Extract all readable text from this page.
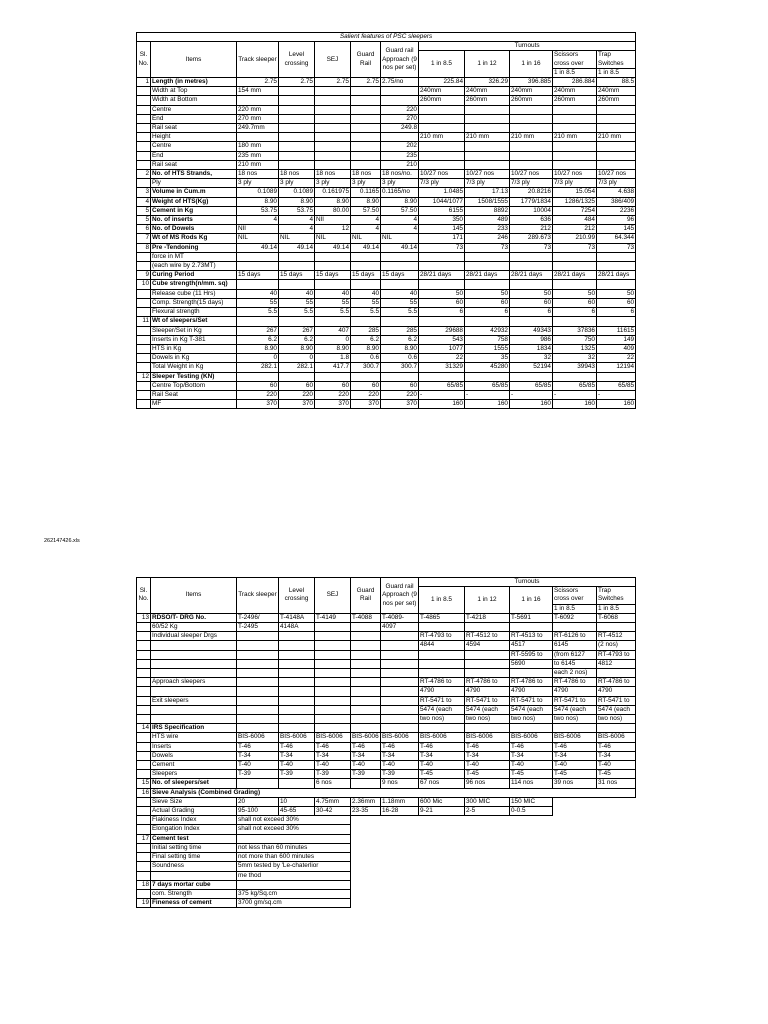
Salient features of PSC sleepers											
Sl. No.	Items	Track sleeper	Level crossing	SEJ	Guard Rail	Guard rail Approach (9 nos per set)	Turnouts				
							1 in 8.5	1 in 12	1 in 16	Scissors cross over	Trap Switches

										1 in 8.5	1 in 8.5
1	Length (in metres)	2.75	2.75	2.75	2.75	2.75/no	225.84	326.29	396.885	286.884	88.5
	Width at Top	154 mm					240mm	240mm	240mm	240mm	240mm
	Width at Bottom						260mm	260mm	260mm	260mm	260mm
	Centre	220 mm				220					
	End	270 mm				270					
	Rail seat	249.7mm				249.8					
	Height						210 mm	210 mm	210 mm	210 mm	210 mm
	Centre	180 mm				202					
	End	235 mm				235					
	Rail seat	210 mm				210					
2	No. of HTS Strands,	18 nos	18 nos	18 nos	18 nos	18 nos/no.	10/27 nos	10/27 nos	10/27 nos	10/27 nos	10/27 nos
	Ply	3 ply	3 ply	3 ply	3 ply	3 ply	7/3 ply	7/3 ply	7/3 ply	7/3 ply	7/3 ply
3	Volume in Cum.m	0.1089	0.1089	0.161975	0.1165	0.1165/no	1.0485	17.13	20.8216	15.054	4.638
4	Weight of HTS(Kg)	8.90	8.90	8.90	8.90	8.90	1044/1077	1508/1555	1779/1834	1286/1325	386/409
5	Cement in Kg	53.75	53.75	80.00	57.50	57.50	6155	8892	10004	7254	2236
5	No. of inserts	4	4	NIl	4	4	350	489	636	484	96
6	No. of Dowels	NIl	4	12	4	4	145	233	212	212	145
7	Wt of MS Rods Kg	NIL	NIL	NIL	NIL	NIL	171	246	289.673	210.99	64.344
8	Pre -Tendoning	49.14	49.14	49.14	49.14	49.14	73	73	73	73	73
	force in MT										
	(each wire by 2.73MT)										
9	Curing Period	15 days	15 days	15 days	15 days	15 days	28/21 days	28/21 days	28/21 days	28/21 days	28/21 days
10	Cube strength(n/mm. sq)										
	Release cube (11 Hrs)	40	40	40	40	40	50	50	50	50	50
	Comp. Strength(15 days)	55	55	55	55	55	60	60	60	60	60
	Flexural strength	5.5	5.5	5.5	5.5	5.5	6	6	6	6	6
11	Wt of sleepers/Set										
	Sleeper/Set in Kg	267	267	407	285	285	29688	42932	49343	37836	11615
	Inserts in Kg T-381	6.2	6.2	0	6.2	6.2	543	758	986	750	149
	HTS in Kg	8.90	8.90	8.90	8.90	8.90	1077	1555	1834	1325	409
	Dowels in Kg	0	0	1.8	0.6	0.6	22	35	32	32	22
	Total Weight in Kg	282.1	282.1	417.7	300.7	300.7	31329	45280	52194	39943	12194
12	Sleeper Testing (KN)										
	Centre Top/Bottom	60	60	60	60	60	65/85	65/85	65/85	65/85	65/85
	Rail Seat	220	220	220	220	220	-	-	-	-	-
	MF	370	370	370	370	370	160	160	160	160	160
262147426.xls
Sl. No.	Items	Track sleeper	Level crossing	SEJ	Guard Rail	Guard rail Approach (9 nos per set)	Turnouts				
							1 in 8.5	1 in 12	1 in 16	Scissors cross over	Trap Switches

										1 in 8.5	1 in 8.5
13	RDSO/T- DRG No.	T-2496/	T-4148A	T-4149	T-4088	T-4089-	T-4865	T-4218	T-5691	T-6092	T-6068
	60/52 Kg	T-2495	4148A			4097					
	Individual sleeper Drgs						RT-4793 to	RT-4512 to	RT-4513 to	RT-6126 to	RT-4512
							4844	4594	4517	6145	(2 nos)
									RT-5595 to	(from 6127	RT-4793 to
									5690	to 6145	4812
										each 2 nos)	
	Approach sleepers						RT-4786 to	RT-4786 to	RT-4786 to	RT-4786 to	RT-4786 to
							4790	4790	4790	4790	4790
	Exit sleepers						RT-5471 to	RT-5471 to	RT-5471 to	RT-5471 to	RT-5471 to
							5474 (each	5474 (each	5474 (each	5474 (each	5474 (each
							two nos)	two nos)	two nos)	two nos)	two nos)
14	IRS Specification										
	HTS wire	BIS-6006	BIS-6006	BIS-6006	BIS-6006	BIS-6006	BIS-6006	BIS-6006	BIS-6006	BIS-6006	BIS-6006
	Inserts	T-46	T-46	T-46	T-46	T-46	T-46	T-46	T-46	T-46	T-46
	Dowels	T-34	T-34	T-34	T-34	T-34	T-34	T-34	T-34	T-34	T-34
	Cement	T-40	T-40	T-40	T-40	T-40	T-40	T-40	T-40	T-40	T-40
	Sleepers	T-39	T-39	T-39	T-39	T-39	T-45	T-45	T-45	T-45	T-45
15	No. of sleepers/set			6 nos		9 nos	67 nos	96 nos	114 nos	39 nos	31 nos
16	Sieve Analysis (Combined Grading)										
	Sieve Size	20	10	4.75mm	2.36mm	1.18mm	600 Mic	300 MIC	150 MIC		
	Actual Grading	95-100	45-65	30-42	23-35	16-28	9-21	2-5	0-0.5		
	Flakiness Index	shall not exceed 30%									
	Elongation Index	shall not exceed 30%									
17	Cement test										
	Initial setting time	not less than 60 minutes									
	Final setting time	not more than 600 minutes									
	Soundness	5mm tested by 'Le-chaterlior									
		me thod									
18	7 days mortar cube										
	com. Strength	375 kg/Sq.cm									
19	Fineness of cement	3700 gm/sq.cm									
